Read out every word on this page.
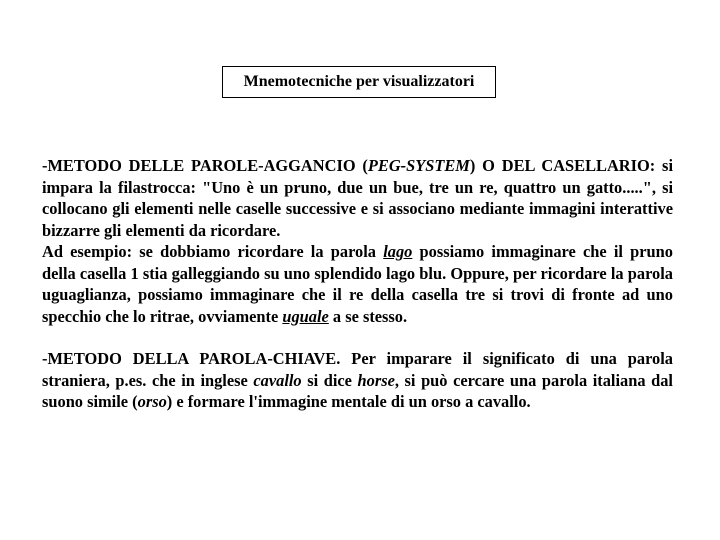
Mnemotecniche per visualizzatori

-METODO DELLE PAROLE-AGGANCIO (PEG-SYSTEM) O DEL CASELLARIO: si impara la filastrocca: "Uno è un pruno, due un bue, tre un re, quattro un gatto.....", si collocano gli elementi nelle caselle successive e si associano mediante immagini interattive bizzarre gli elementi da ricordare.

Ad esempio: se dobbiamo ricordare la parola lago possiamo immaginare che il pruno della casella 1 stia galleggiando su uno splendido lago blu. Oppure, per ricordare la parola uguaglianza, possiamo immaginare che il re della casella tre si trovi di fronte ad uno specchio che lo ritrae, ovviamente uguale a se stesso.

-METODO DELLA PAROLA-CHIAVE. Per imparare il significato di una parola straniera, p.es. che in inglese cavallo si dice horse, si può cercare una parola italiana dal suono simile (orso) e formare l'immagine mentale di un orso a cavallo.
